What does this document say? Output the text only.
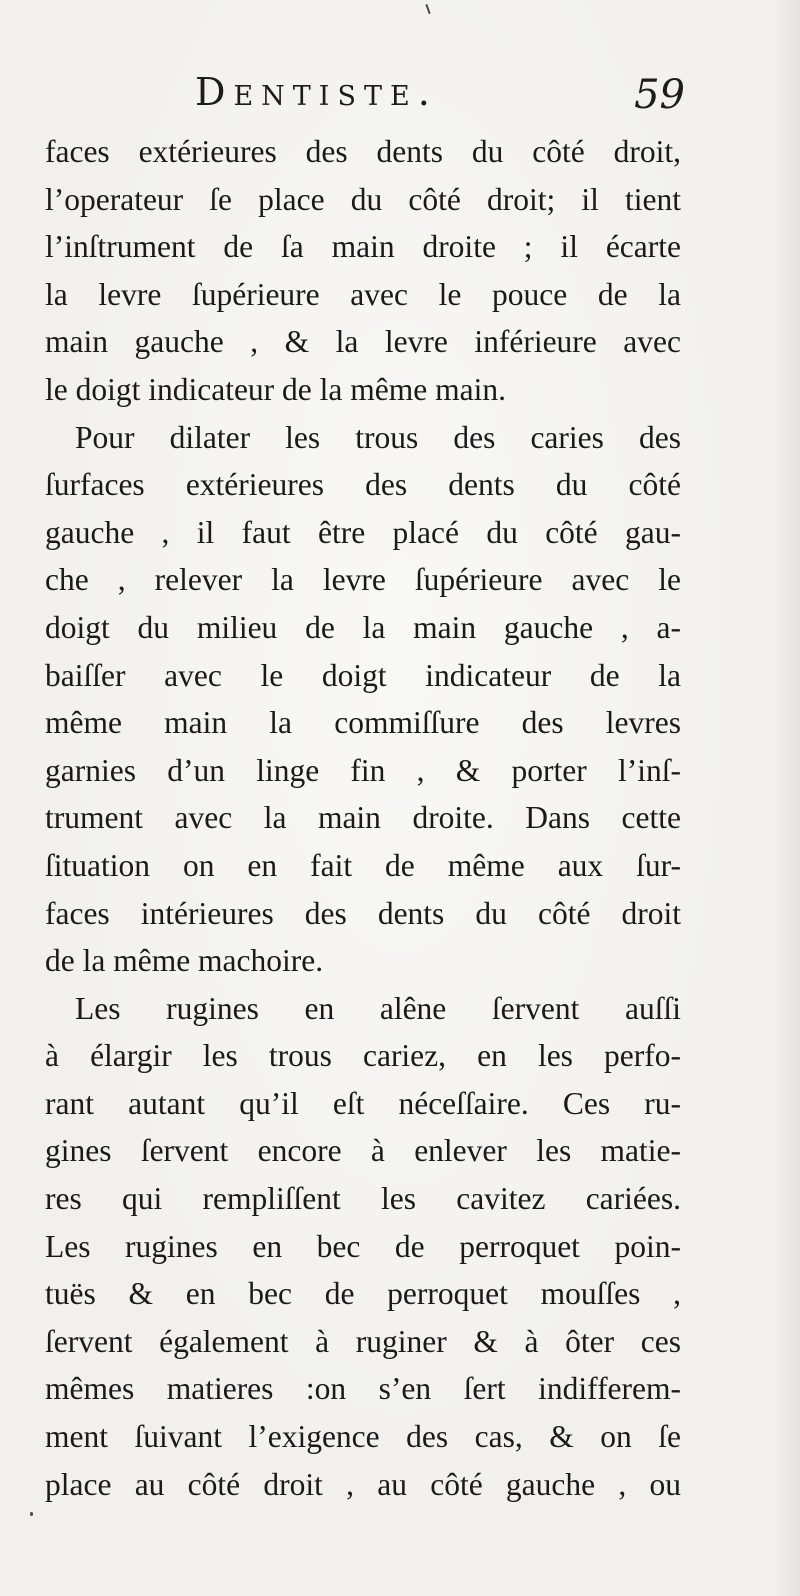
Dentiste.	59
faces extérieures des dents du côté droit,
l’operateur ſe place du côté droit; il tient
l’inſtrument de ſa main droite ; il écarte
la levre ſupérieure avec le pouce de la
main gauche , & la levre inférieure avec
le doigt indicateur de la même main.
Pour dilater les trous des caries des
ſurfaces extérieures des dents du côté
gauche , il faut être placé du côté gau-
che , relever la levre ſupérieure avec le
doigt du milieu de la main gauche , a-
baiſſer avec le doigt indicateur de la
même main la commiſſure des levres
garnies d’un linge fin , & porter l’inſ-
trument avec la main droite. Dans cette
ſituation on en fait de même aux ſur-
faces intérieures des dents du côté droit
de la même machoire.
Les rugines en alêne ſervent auſſi
à élargir les trous cariez, en les perfo-
rant autant qu’il eſt néceſſaire. Ces ru-
gines ſervent encore à enlever les matie-
res qui rempliſſent les cavitez cariées.
Les rugines en bec de perroquet poin-
tuës & en bec de perroquet mouſſes ,
ſervent également à ruginer & à ôter ces
mêmes matieres :on s’en ſert indifferem-
ment ſuivant l’exigence des cas, & on ſe
place au côté droit , au côté gauche , ou
